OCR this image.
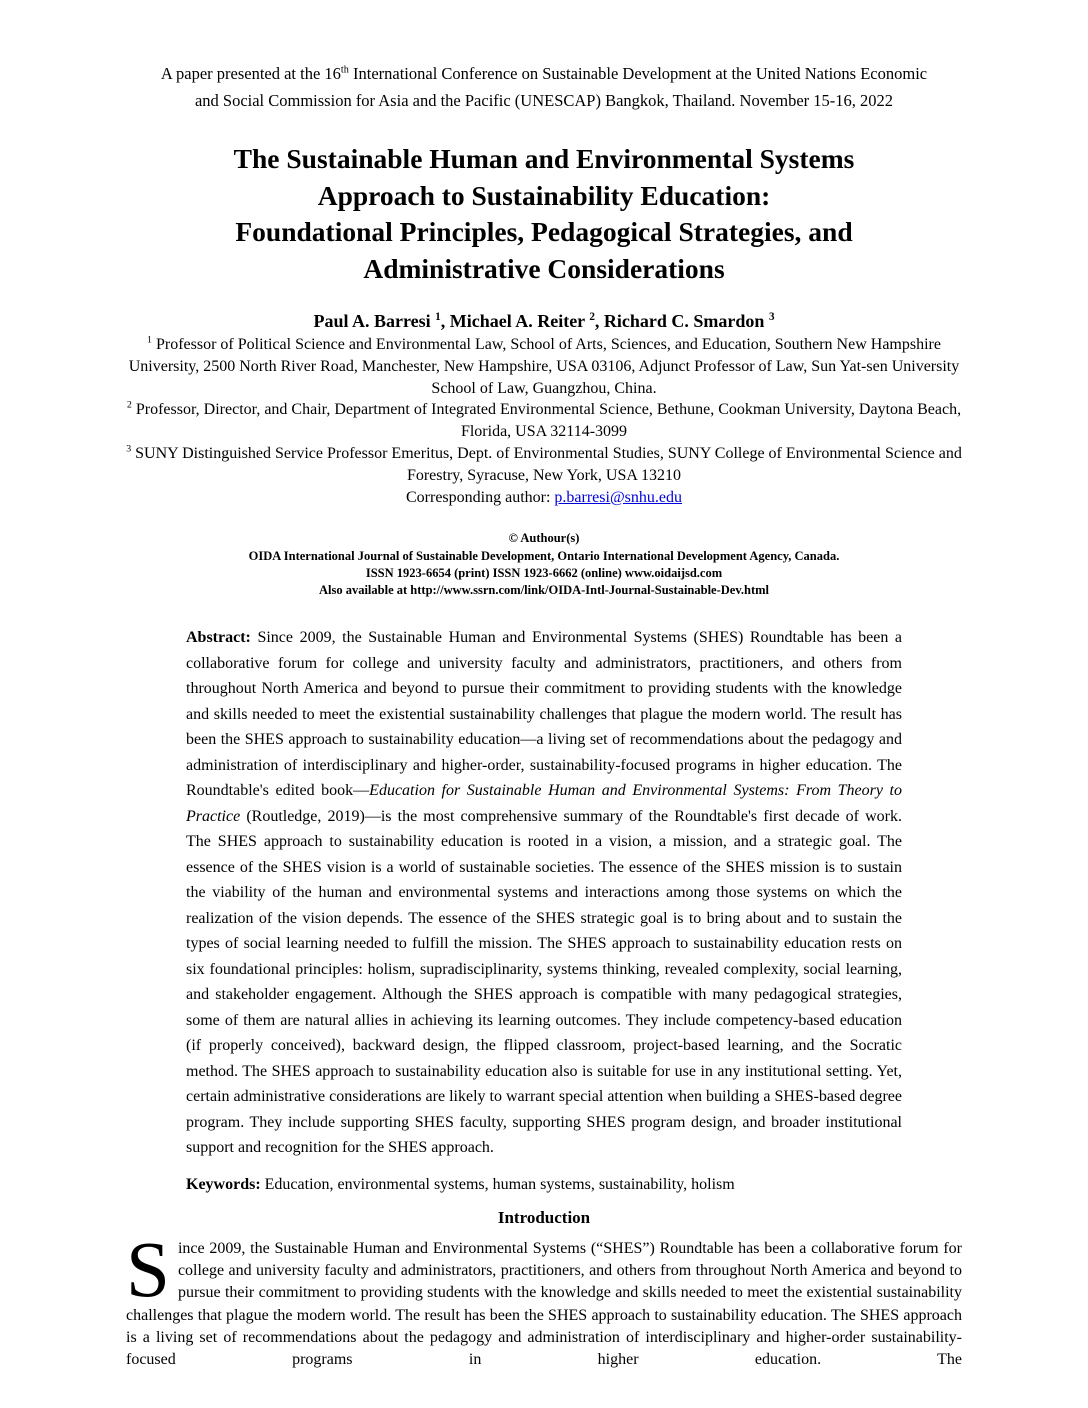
A paper presented at the 16th International Conference on Sustainable Development at the United Nations Economic
and Social Commission for Asia and the Pacific (UNESCAP) Bangkok, Thailand. November 15-16, 2022

The Sustainable Human and Environmental Systems
Approach to Sustainability Education:
Foundational Principles, Pedagogical Strategies, and
Administrative Considerations
Paul A. Barresi $^1$, Michael A. Reiter $^2$, Richard C. Smardon $^3$
$^1$ Professor of Political Science and Environmental Law, School of Arts, Sciences, and Education, Southern New Hampshire University, 2500 North River Road, Manchester, New Hampshire, USA 03106, Adjunct Professor of Law, Sun Yat-sen University School of Law, Guangzhou, China.
$^2$ Professor, Director, and Chair, Department of Integrated Environmental Science, Bethune, Cookman University, Daytona Beach, Florida, USA 32114-3099
$^3$ SUNY Distinguished Service Professor Emeritus, Dept. of Environmental Studies, SUNY College of Environmental Science and Forestry, Syracuse, New York, USA 13210
Corresponding author: p.barresi@snhu.edu
© Authour(s)
OIDA International Journal of Sustainable Development, Ontario International Development Agency, Canada.
ISSN 1923-6654 (print) ISSN 1923-6662 (online) www.oidaijsd.com
Also available at http://www.ssrn.com/link/OIDA-Intl-Journal-Sustainable-Dev.html

Abstract: Since 2009, the Sustainable Human and Environmental Systems (SHES) Roundtable has been a collaborative forum for college and university faculty and administrators, practitioners, and others from throughout North America and beyond to pursue their commitment to providing students with the knowledge and skills needed to meet the existential sustainability challenges that plague the modern world. The result has been the SHES approach to sustainability education—a living set of recommendations about the pedagogy and administration of interdisciplinary and higher-order, sustainability-focused programs in higher education. The Roundtable's edited book—Education for Sustainable Human and Environmental Systems: From Theory to Practice (Routledge, 2019)—is the most comprehensive summary of the Roundtable's first decade of work. The SHES approach to sustainability education is rooted in a vision, a mission, and a strategic goal. The essence of the SHES vision is a world of sustainable societies. The essence of the SHES mission is to sustain the viability of the human and environmental systems and interactions among those systems on which the realization of the vision depends. The essence of the SHES strategic goal is to bring about and to sustain the types of social learning needed to fulfill the mission. The SHES approach to sustainability education rests on six foundational principles: holism, supradisciplinarity, systems thinking, revealed complexity, social learning, and stakeholder engagement. Although the SHES approach is compatible with many pedagogical strategies, some of them are natural allies in achieving its learning outcomes. They include competency-based education (if properly conceived), backward design, the flipped classroom, project-based learning, and the Socratic method. The SHES approach to sustainability education also is suitable for use in any institutional setting. Yet, certain administrative considerations are likely to warrant special attention when building a SHES-based degree program. They include supporting SHES faculty, supporting SHES program design, and broader institutional support and recognition for the SHES approach.

Keywords: Education, environmental systems, human systems, sustainability, holism

Introduction

Since 2009, the Sustainable Human and Environmental Systems (“SHES”) Roundtable has been a collaborative forum for college and university faculty and administrators, practitioners, and others from throughout North America and beyond to pursue their commitment to providing students with the knowledge and skills needed to meet the existential sustainability challenges that plague the modern world. The result has been the SHES approach to sustainability education. The SHES approach is a living set of recommendations about the pedagogy and administration of interdisciplinary and higher-order sustainability-focused programs in higher education. The
